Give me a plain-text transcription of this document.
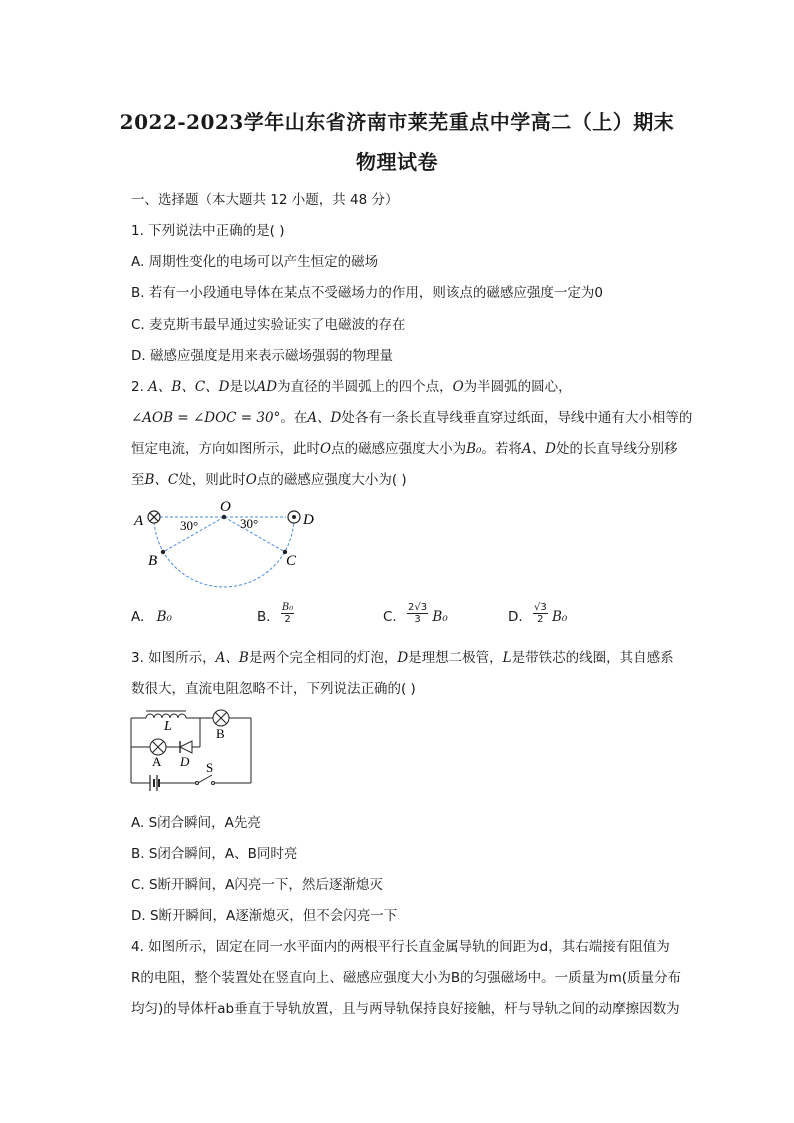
2022-2023学年山东省济南市莱芜重点中学高二（上）期末
物理试卷
一、选择题（本大题共 12 小题，共 48 分）
1. 下列说法中正确的是( )
A. 周期性变化的电场可以产生恒定的磁场
B. 若有一小段通电导体在某点不受磁场力的作用，则该点的磁感应强度一定为0
C. 麦克斯韦最早通过实验证实了电磁波的存在
D. 磁感应强度是用来表示磁场强弱的物理量
2. A、B、C、D是以AD为直径的半圆弧上的四个点，O为半圆弧的圆心，
∠AOB = ∠DOC = 30°。在A、D处各有一条长直导线垂直穿过纸面，导线中通有大小相等的
恒定电流，方向如图所示，此时O点的磁感应强度大小为B₀。若将A、D处的长直导线分别移
至B、C处，则此时O点的磁感应强度大小为( )
A	D
O
B	C
30°	30°
A. B₀	B. $\frac{\text{B₀}}{2}$	C. $\frac{2√3}{3} B_0$	D. $\frac{√3}{2} B_0$
3. 如图所示，A、B是两个完全相同的灯泡，D是理想二极管，L是带铁芯的线圈，其自感系
数很大，直流电阻忽略不计，下列说法正确的( )
L	B
A D S
A. S闭合瞬间，A先亮
B. S闭合瞬间，A、B同时亮
C. S断开瞬间，A闪亮一下，然后逐渐熄灭
D. S断开瞬间，A逐渐熄灭，但不会闪亮一下
4. 如图所示，固定在同一水平面内的两根平行长直金属导轨的间距为d，其右端接有阻值为
R的电阻，整个装置处在竖直向上、磁感应强度大小为B的匀强磁场中。一质量为m(质量分布
均匀)的导体杆ab垂直于导轨放置，且与两导轨保持良好接触，杆与导轨之间的动摩擦因数为
